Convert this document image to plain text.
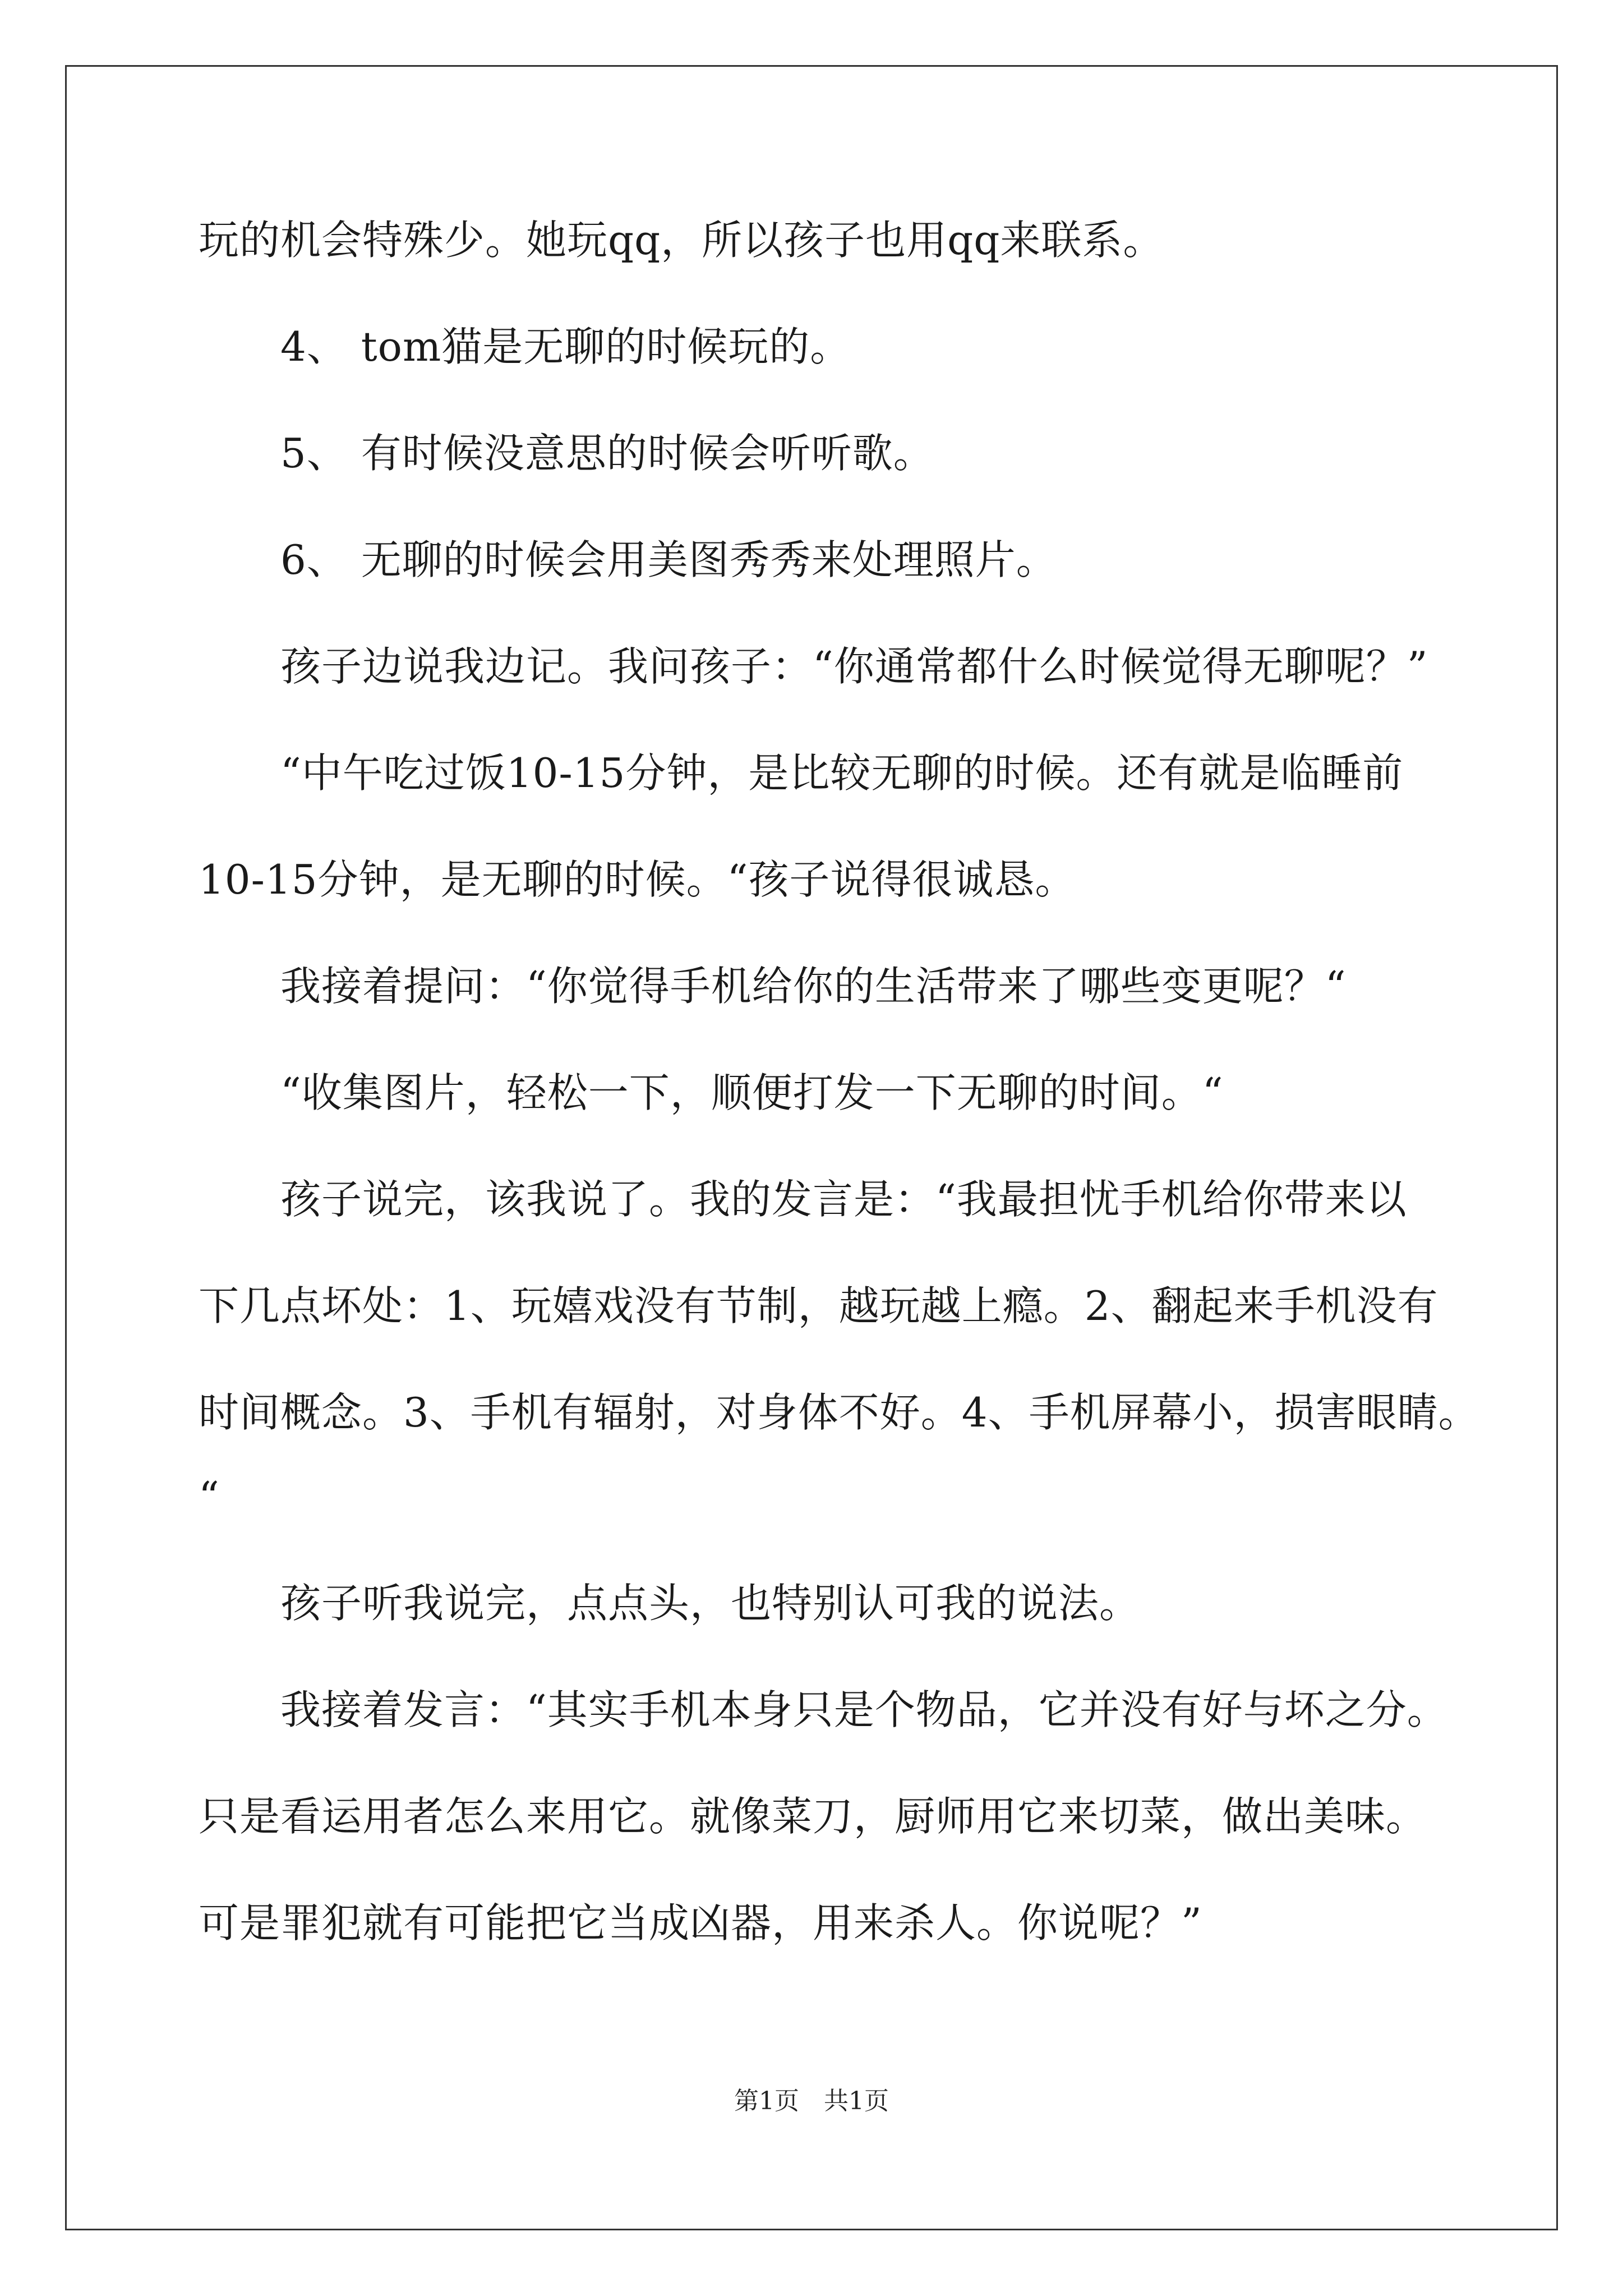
玩的机会特殊少。她玩qq，所以孩子也用qq来联系。
　　4、 tom猫是无聊的时候玩的。
　　5、 有时候没意思的时候会听听歌。
　　6、 无聊的时候会用美图秀秀来处理照片。
　　孩子边说我边记。我问孩子：“你通常都什么时候觉得无聊呢？”
　　“中午吃过饭10-15分钟，是比较无聊的时候。还有就是临睡前
10-15分钟，是无聊的时候。“孩子说得很诚恳。
　　我接着提问：“你觉得手机给你的生活带来了哪些变更呢？“
　　“收集图片，轻松一下，顺便打发一下无聊的时间。“
　　孩子说完，该我说了。我的发言是：“我最担忧手机给你带来以
下几点坏处：1、玩嬉戏没有节制，越玩越上瘾。2、翻起来手机没有
时间概念。3、手机有辐射，对身体不好。4、手机屏幕小，损害眼睛。
“
　　孩子听我说完，点点头，也特别认可我的说法。
　　我接着发言：“其实手机本身只是个物品，它并没有好与坏之分。
只是看运用者怎么来用它。就像菜刀，厨师用它来切菜，做出美味。
可是罪犯就有可能把它当成凶器，用来杀人。你说呢？”
第1页　共1页
